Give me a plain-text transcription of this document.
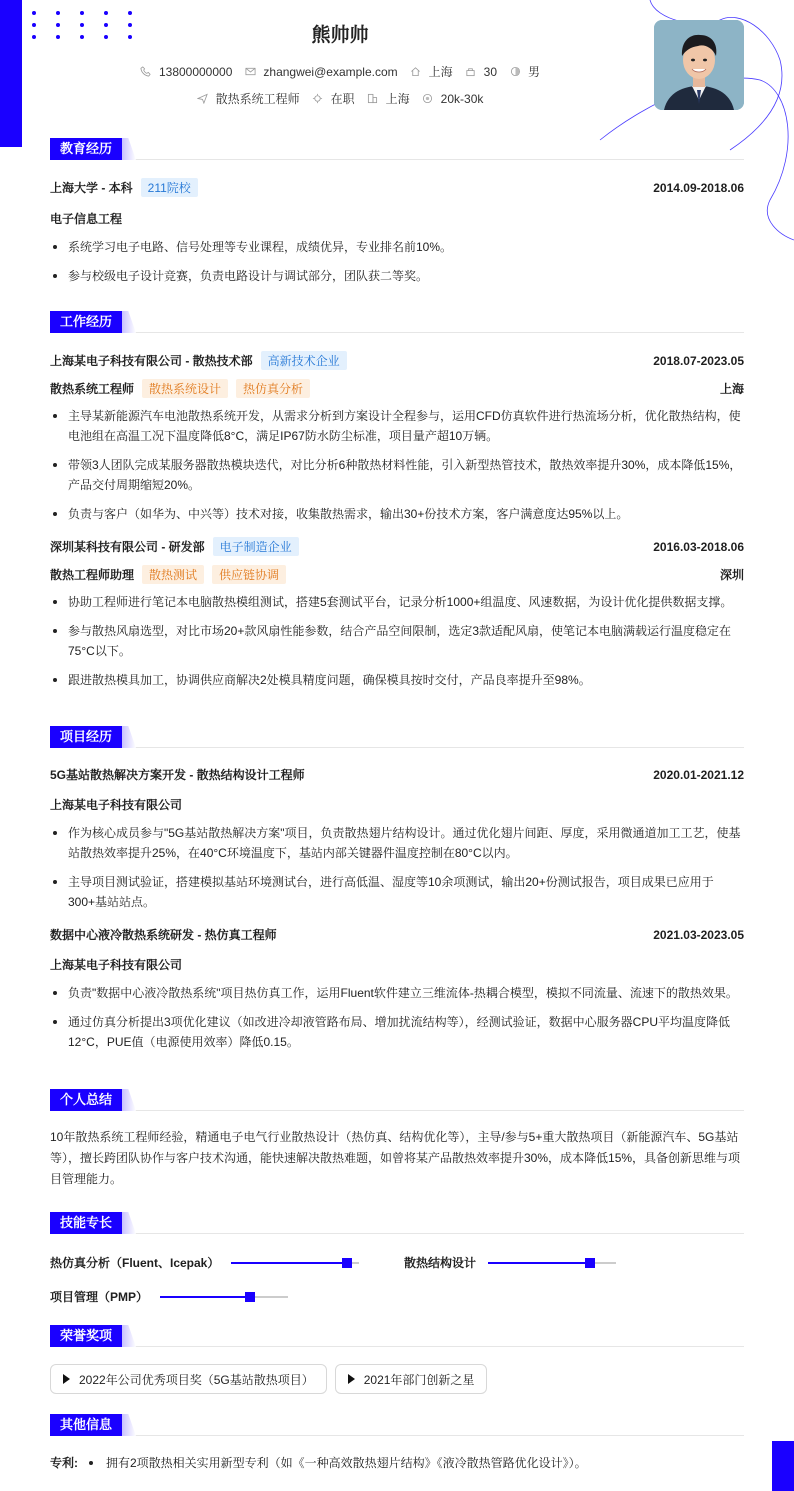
熊帅帅
13800000000	zhangwei@example.com	上海	30	男
散热系统工程师	在职	上海	20k-30k
教育经历
上海大学 - 本科 211院校	2014.09-2018.06
电子信息工程
系统学习电子电路、信号处理等专业课程，成绩优异，专业排名前10%。
参与校级电子设计竞赛，负责电路设计与调试部分，团队获二等奖。
工作经历
上海某电子科技有限公司 - 散热技术部 高新技术企业	2018.07-2023.05
散热系统工程师 散热系统设计 热仿真分析	上海
主导某新能源汽车电池散热系统开发，从需求分析到方案设计全程参与，运用CFD仿真软件进行热流场分析，优化散热结构，使电池组在高温工况下温度降低8°C，满足IP67防水防尘标准，项目量产超10万辆。
带领3人团队完成某服务器散热模块迭代，对比分析6种散热材料性能，引入新型热管技术，散热效率提升30%，成本降低15%，产品交付周期缩短20%。
负责与客户（如华为、中兴等）技术对接，收集散热需求，输出30+份技术方案，客户满意度达95%以上。
深圳某科技有限公司 - 研发部 电子制造企业	2016.03-2018.06
散热工程师助理 散热测试 供应链协调	深圳
协助工程师进行笔记本电脑散热模组测试，搭建5套测试平台，记录分析1000+组温度、风速数据，为设计优化提供数据支撑。
参与散热风扇选型，对比市场20+款风扇性能参数，结合产品空间限制，选定3款适配风扇，使笔记本电脑满载运行温度稳定在75°C以下。
跟进散热模具加工，协调供应商解决2处模具精度问题，确保模具按时交付，产品良率提升至98%。
项目经历
5G基站散热解决方案开发 - 散热结构设计工程师	2020.01-2021.12
上海某电子科技有限公司
作为核心成员参与"5G基站散热解决方案"项目，负责散热翅片结构设计。通过优化翅片间距、厚度，采用微通道加工工艺，使基站散热效率提升25%，在40°C环境温度下，基站内部关键器件温度控制在80°C以内。
主导项目测试验证，搭建模拟基站环境测试台，进行高低温、湿度等10余项测试，输出20+份测试报告，项目成果已应用于300+基站站点。
数据中心液冷散热系统研发 - 热仿真工程师	2021.03-2023.05
上海某电子科技有限公司
负责"数据中心液冷散热系统"项目热仿真工作，运用Fluent软件建立三维流体-热耦合模型，模拟不同流量、流速下的散热效果。
通过仿真分析提出3项优化建议（如改进冷却液管路布局、增加扰流结构等），经测试验证，数据中心服务器CPU平均温度降低12°C，PUE值（电源使用效率）降低0.15。
个人总结
10年散热系统工程师经验，精通电子电气行业散热设计（热仿真、结构优化等），主导/参与5+重大散热项目（新能源汽车、5G基站等），擅长跨团队协作与客户技术沟通，能快速解决散热难题，如曾将某产品散热效率提升30%，成本降低15%，具备创新思维与项目管理能力。
技能专长
热仿真分析（Fluent、Icepak）	散热结构设计
项目管理（PMP）
荣誉奖项
2022年公司优秀项目奖（5G基站散热项目）	2021年部门创新之星
其他信息
专利:	拥有2项散热相关实用新型专利（如《一种高效散热翅片结构》《液冷散热管路优化设计》）。
